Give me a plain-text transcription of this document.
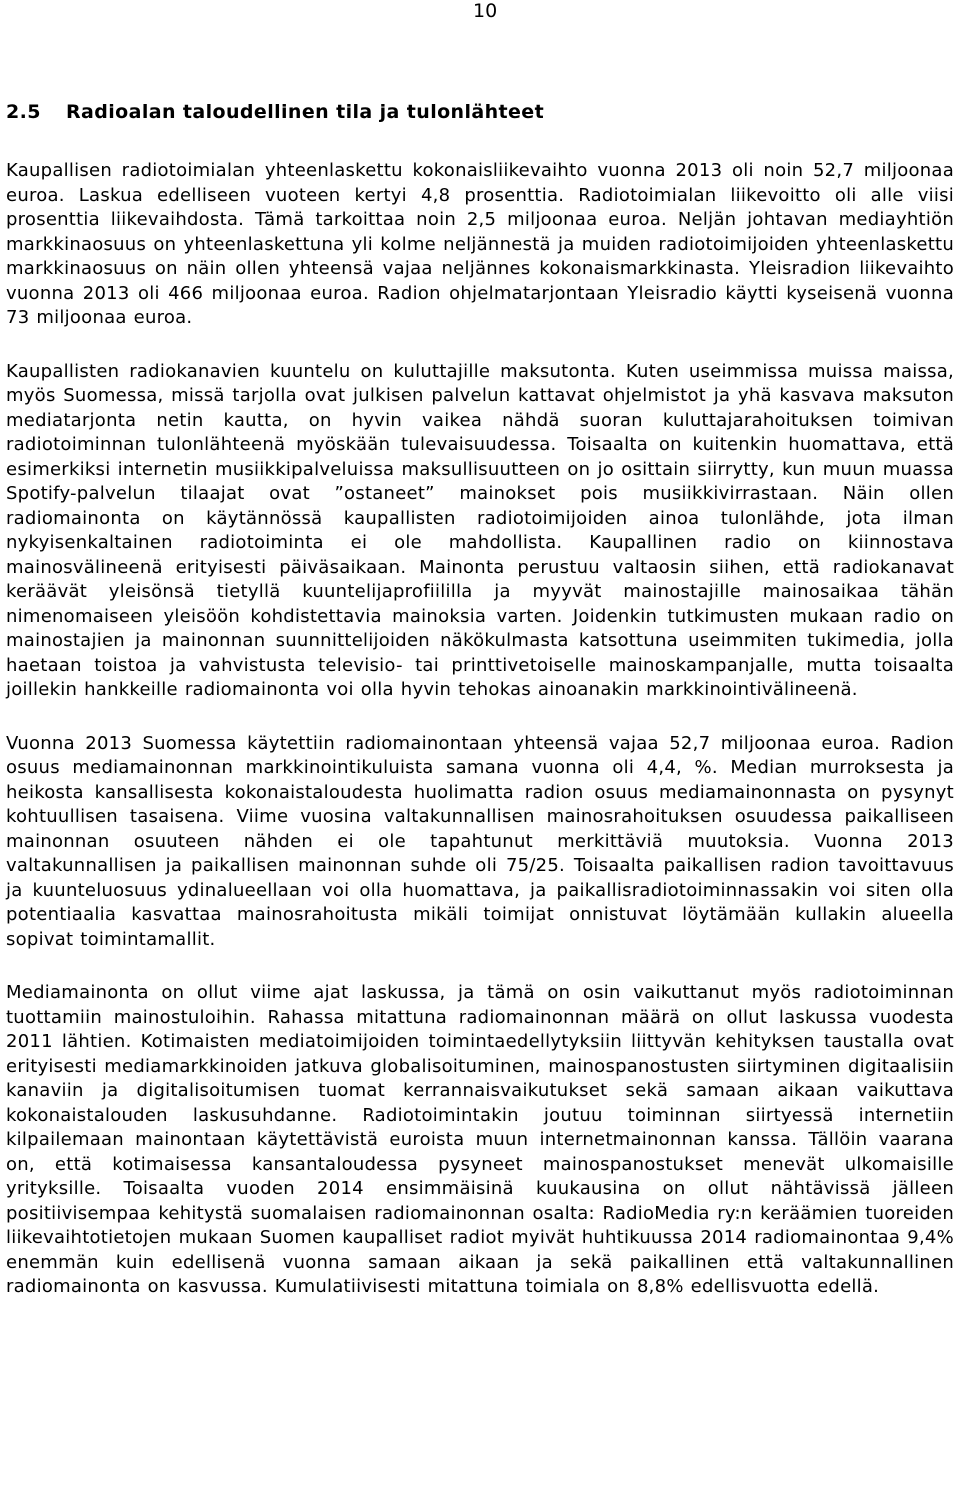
10
2.5 Radioalan taloudellinen tila ja tulonlähteet

Kaupallisen radiotoimialan yhteenlaskettu kokonaisliikevaihto vuonna 2013 oli noin 52,7 miljoonaa euroa. Laskua edelliseen vuoteen kertyi 4,8 prosenttia. Radiotoimialan liikevoitto oli alle viisi prosenttia liikevaihdosta. Tämä tarkoittaa noin 2,5 miljoonaa euroa. Neljän johtavan mediayhtiön markkinaosuus on yhteenlaskettuna yli kolme neljännestä ja muiden radiotoimijoiden yhteenlaskettu markkinaosuus on näin ollen yhteensä vajaa neljännes kokonaismarkkinasta. Yleisradion liikevaihto vuonna 2013 oli 466 miljoonaa euroa. Radion ohjelmatarjontaan Yleisradio käytti kyseisenä vuonna 73 miljoonaa euroa.

Kaupallisten radiokanavien kuuntelu on kuluttajille maksutonta. Kuten useimmissa muissa maissa, myös Suomessa, missä tarjolla ovat julkisen palvelun kattavat ohjelmistot ja yhä kasvava maksuton mediatarjonta netin kautta, on hyvin vaikea nähdä suoran kuluttajarahoituksen toimivan radiotoiminnan tulonlähteenä myöskään tulevaisuudessa. Toisaalta on kuitenkin huomattava, että esimerkiksi internetin musiikkipalveluissa maksullisuutteen on jo osittain siirrytty, kun muun muassa Spotify-palvelun tilaajat ovat ”ostaneet” mainokset pois musiikkivirrastaan. Näin ollen radiomainonta on käytännössä kaupallisten radiotoimijoiden ainoa tulonlähde, jota ilman nykyisenkaltainen radiotoiminta ei ole mahdollista. Kaupallinen radio on kiinnostava mainosvälineenä erityisesti päiväsaikaan. Mainonta perustuu valtaosin siihen, että radiokanavat keräävät yleisönsä tietyllä kuuntelijaprofiililla ja myyvät mainostajille mainosaikaa tähän nimenomaiseen yleisöön kohdistettavia mainoksia varten. Joidenkin tutkimusten mukaan radio on mainostajien ja mainonnan suunnittelijoiden näkökulmasta katsottuna useimmiten tukimedia, jolla haetaan toistoa ja vahvistusta televisio- tai printtivetoiselle mainoskampanjalle, mutta toisaalta joillekin hankkeille radiomainonta voi olla hyvin tehokas ainoanakin markkinointivälineenä.

Vuonna 2013 Suomessa käytettiin radiomainontaan yhteensä vajaa 52,7 miljoonaa euroa. Radion osuus mediamainonnan markkinointikuluista samana vuonna oli 4,4, %. Median murroksesta ja heikosta kansallisesta kokonaistaloudesta huolimatta radion osuus mediamainonnasta on pysynyt kohtuullisen tasaisena. Viime vuosina valtakunnallisen mainosrahoituksen osuudessa paikalliseen mainonnan osuuteen nähden ei ole tapahtunut merkittäviä muutoksia. Vuonna 2013 valtakunnallisen ja paikallisen mainonnan suhde oli 75/25. Toisaalta paikallisen radion tavoittavuus ja kuunteluosuus ydinalueellaan voi olla huomattava, ja paikallisradiotoiminnassakin voi siten olla potentiaalia kasvattaa mainosrahoitusta mikäli toimijat onnistuvat löytämään kullakin alueella sopivat toimintamallit.

Mediamainonta on ollut viime ajat laskussa, ja tämä on osin vaikuttanut myös radiotoiminnan tuottamiin mainostuloihin. Rahassa mitattuna radiomainonnan määrä on ollut laskussa vuodesta 2011 lähtien. Kotimaisten mediatoimijoiden toimintaedellytyksiin liittyvän kehityksen taustalla ovat erityisesti mediamarkkinoiden jatkuva globalisoituminen, mainospanostusten siirtyminen digitaalisiin kanaviin ja digitalisoitumisen tuomat kerrannaisvaikutukset sekä samaan aikaan vaikuttava kokonaistalouden laskusuhdanne. Radiotoimintakin joutuu toiminnan siirtyessä internetiin kilpailemaan mainontaan käytettävistä euroista muun internetmainonnan kanssa. Tällöin vaarana on, että kotimaisessa kansantaloudessa pysyneet mainospanostukset menevät ulkomaisille yrityksille. Toisaalta vuoden 2014 ensimmäisinä kuukausina on ollut nähtävissä jälleen positiivisempaa kehitystä suomalaisen radiomainonnan osalta: RadioMedia ry:n keräämien tuoreiden liikevaihtotietojen mukaan Suomen kaupalliset radiot myivät huhtikuussa 2014 radiomainontaa 9,4% enemmän kuin edellisenä vuonna samaan aikaan ja sekä paikallinen että valtakunnallinen radiomainonta on kasvussa. Kumulatiivisesti mitattuna toimiala on 8,8% edellisvuotta edellä.
